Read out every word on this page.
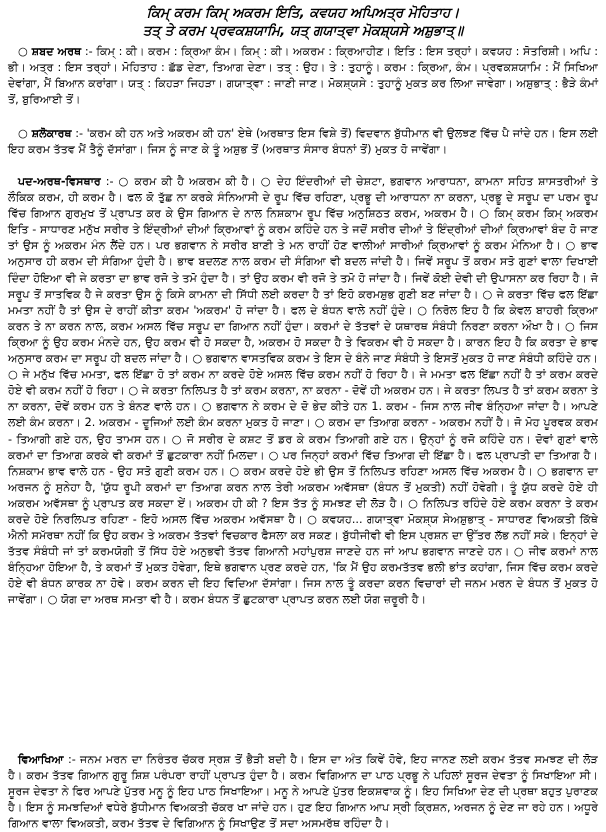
ਕਿਮ੍ ਕਰਮ ਕਿਮ੍ ਅਕਰਮ ਇਤਿ, ਕਵਯਹ ਅਪਿਅਤ੍ਰ ਮੋਹਿਤਾਹ।
ਤਤ੍ ਤੇ ਕਰਮ ਪ੍ਰਵਕਸ਼ਯਾਮਿ, ਯਤ੍ ਗਯਾਤ੍ਵਾ ਮੋਕਸ਼੍ਯਸੇ ਅਸ਼ੁਭਾਤ੍॥
○ ਸ਼ਬਦ ਅਰਥ :- ਕਿਮ੍ : ਕੀ। ਕਰਮ : ਕ੍ਰਿਆ ਕੰਮ। ਕਿਮ੍ : ਕੀ। ਅਕਰਮ : ਕ੍ਰਿਆਹੀਣ। ਇਤਿ : ਇਸ ਤਰ੍ਹਾਂ। ਕਵਯਹ : ਸੋਤਰਿਸ਼ੀ। ਅਪਿ : ਭੀ। ਅਤ੍ਰ : ਇਸ ਤਰ੍ਹਾਂ। ਮੋਹਿਤਾਹ : ਛੱਡ ਦੇਣਾ, ਤਿਆਗ ਦੇਣਾ। ਤਤ੍ : ਉਹ। ਤੇ : ਤੁਹਾਨੂੰ। ਕਰਮ : ਕ੍ਰਿਆ, ਕੰਮ। ਪ੍ਰਵਕਸ਼ਯਾਮਿ : ਮੈਂ ਸਿਖਿਆ ਦੇਵਾਂਗਾ, ਮੈਂ ਬਿਆਨ ਕਰਾਂਗਾ। ਯਤ੍ : ਕਿਹੜਾ ਜਿਹੜਾ। ਗਯਾਤ੍ਵਾ : ਜਾਣੀ ਜਾਣ। ਮੋਕਸ਼੍ਯਸੇ : ਤੁਹਾਨੂੰ ਮੁਕਤ ਕਰ ਲਿਆ ਜਾਵੇਗਾ। ਅਸ਼ੁਭਾਤ੍ : ਭੈੜੇ ਕੰਮਾਂ ਤੋਂ, ਬੁਰਿਆਈ ਤੋਂ।
○ ਸ਼ਲੋਕਾਰਥ :- 'ਕਰਮ ਕੀ ਹਨ ਅਤੇ ਅਕਰਮ ਕੀ ਹਨ' ਏਥੇ (ਅਰਥਾਤ ਇਸ ਵਿਸ਼ੇ ਤੋਂ) ਵਿਦਵਾਨ ਬੁੱਧੀਮਾਨ ਵੀ ਉਲਝਣ ਵਿੱਚ ਪੈ ਜਾਂਦੇ ਹਨ। ਇਸ ਲਈ ਇਹ ਕਰਮ ਤੱਤਵ ਮੈਂ ਤੈਨੂੰ ਦੱਸਾਂਗਾ। ਜਿਸ ਨੂੰ ਜਾਣ ਕੇ ਤੂੰ ਅਸ਼ੁਭ ਤੋਂ (ਅਰਥਾਤ ਸੰਸਾਰ ਬੰਧਨਾਂ ਤੋਂ) ਮੁਕਤ ਹੋ ਜਾਵੇਂਗਾ।
ਪਦ-ਅਰਥ-ਵਿਸਥਾਰ :- ○ ਕਰਮ ਕੀ ਹੈ ਅਕਰਮ ਕੀ ਹੈ। ○ ਦੇਹ ਇੰਦਰੀਆਂ ਦੀ ਚੇਸ਼ਟਾ, ਭਗਵਾਨ ਆਰਾਧਨਾ, ਕਾਮਨਾ ਸਹਿਤ ਸ਼ਾਸਤਰੀਆਂ ਤੇ ਲੌਕਿਕ ਕਰਮ, ਹੀ ਕਰਮ ਹੈ। ਫਲ ਕੋ ਤੁੱਛ ਨਾ ਕਰਕੇ ਸੰਨਿਆਸੀ ਦੇ ਰੂਪ ਵਿੱਚ ਰਹਿਣਾ, ਪ੍ਰਭੂ ਦੀ ਆਰਾਧਨਾ ਨਾ ਕਰਨਾ, ਪ੍ਰਭੂ ਦੇ ਸਰੂਪ ਦਾ ਪਰਮ ਰੂਪ ਵਿੱਚ ਗਿਆਨ ਗੁਰਮੁਖ ਤੋਂ ਪ੍ਰਾਪਤ ਕਰ ਕੇ ਉਸ ਗਿਆਨ ਦੇ ਨਾਲ ਨਿਸ਼ਕਾਮ ਰੂਪ ਵਿੱਚ ਅਨੁਸ਼ਿਠਤ ਕਰਮ, ਅਕਰਮ ਹੈ। ○ ਕਿਮ੍ ਕਰਮ ਕਿਮ੍ ਅਕਰਮ ਇਤਿ - ਸਾਧਾਰਣ ਮਨੁੱਖ ਸਰੀਰ ਤੇ ਇੰਦ੍ਰੀਆਂ ਦੀਆਂ ਕ੍ਰਿਆਵਾਂ ਨੂੰ ਕਰਮ ਕਹਿੰਦੇ ਹਨ ਤੇ ਜਦੋਂ ਸਰੀਰ ਦੀਆਂ ਤੇ ਇੰਦ੍ਰੀਆਂ ਦੀਆਂ ਕ੍ਰਿਆਵਾਂ ਬੰਦ ਹੋ ਜਾਣ ਤਾਂ ਉਸ ਨੂੰ ਅਕਰਮ ਮੰਨ ਲੈਂਦੇ ਹਨ। ਪਰ ਭਗਵਾਨ ਨੇ ਸਰੀਰ ਬਾਣੀ ਤੇ ਮਨ ਰਾਹੀਂ ਹੋਣ ਵਾਲੀਆਂ ਸਾਰੀਆਂ ਕ੍ਰਿਆਵਾਂ ਨੂੰ ਕਰਮ ਮੰਨਿਆ ਹੈ। ○ ਭਾਵ ਅਨੁਸਾਰ ਹੀ ਕਰਮ ਦੀ ਸੰਗਿਆ ਹੁੰਦੀ ਹੈ। ਭਾਵ ਬਦਲਣ ਨਾਲ ਕਰਮ ਦੀ ਸੰਗਿਆ ਵੀ ਬਦਲ ਜਾਂਦੀ ਹੈ। ਜਿਵੇਂ ਸਰੂਪ ਤੋਂ ਕਰਮ ਸਤੋ ਗੁਣਾਂ ਵਾਲਾ ਦਿਖਾਈ ਦਿੰਦਾ ਹੋਇਆ ਵੀ ਜੇ ਕਰਤਾ ਦਾ ਭਾਵ ਰਜੋ ਤੇ ਤਮੋ ਹੁੰਦਾ ਹੈ। ਤਾਂ ਉਹ ਕਰਮ ਵੀ ਰਜੋ ਤੇ ਤਮੋ ਹੋ ਜਾਂਦਾ ਹੈ। ਜਿਵੇਂ ਕੋਈ ਦੇਵੀ ਦੀ ਉਪਾਸਨਾ ਕਰ ਰਿਹਾ ਹੈ। ਜੋ ਸਰੂਪ ਤੋਂ ਸਾਤਵਿਕ ਹੈ ਜੇ ਕਰਤਾ ਉਸ ਨੂੰ ਕਿਸੇ ਕਾਮਨਾ ਦੀ ਸਿੱਧੀ ਲਈ ਕਰਦਾ ਹੈ ਤਾਂ ਇਹੋ ਕਰਮਸ਼ੁਭ ਗੁਣੀ ਬਣ ਜਾਂਦਾ ਹੈ। ○ ਜੇ ਕਰਤਾ ਵਿੱਚ ਫਲ ਇੱਛਾ ਮਮਤਾ ਨਹੀਂ ਹੈ ਤਾਂ ਉਸ ਦੇ ਰਾਹੀਂ ਕੀਤਾ ਕਰਮ 'ਅਕਰਮ' ਹੋ ਜਾਂਦਾ ਹੈ। ਫਲ ਦੇ ਬੰਧਨ ਵਾਲੇ ਨਹੀਂ ਹੁੰਦੇ। ○ ਨਿਰੋਲ ਇਹ ਹੈ ਕਿ ਕੇਵਲ ਬਾਹਰੀ ਕ੍ਰਿਆ ਕਰਨ ਤੇ ਨਾ ਕਰਨ ਨਾਲ, ਕਰਮ ਅਸਲ ਵਿੱਚ ਸਰੂਪ ਦਾ ਗਿਆਨ ਨਹੀਂ ਹੁੰਦਾ। ਕਰਮਾਂ ਦੇ ਤੱਤਵਾਂ ਦੇ ਯਥਾਰਥ ਸੰਬੰਧੀ ਨਿਰਣਾ ਕਰਨਾ ਔਖਾ ਹੈ। ○ ਜਿਸ ਕ੍ਰਿਆ ਨੂੰ ਉਹ ਕਰਮ ਮੰਨਦੇ ਹਨ, ਉਹ ਕਰਮ ਵੀ ਹੋ ਸਕਦਾ ਹੈ, ਅਕਰਮ ਹੋ ਸਕਦਾ ਹੈ ਤੇ ਵਿਕਰਮ ਵੀ ਹੋ ਸਕਦਾ ਹੈ। ਕਾਰਨ ਇਹ ਹੈ ਕਿ ਕਰਤਾ ਦੇ ਭਾਵ ਅਨੁਸਾਰ ਕਰਮ ਦਾ ਸਰੂਪ ਹੀ ਬਦਲ ਜਾਂਦਾ ਹੈ। ○ ਭਗਵਾਨ ਵਾਸਤਵਿਕ ਕਰਮ ਤੇ ਇਸ ਦੇ ਬੰਨੇ ਜਾਣ ਸੰਬੰਧੀ ਤੇ ਇਸਤੋਂ ਮੁਕਤ ਹੋ ਜਾਣ ਸੰਬੰਧੀ ਕਹਿੰਦੇ ਹਨ। ○ ਜੇ ਮਨੁੱਖ ਵਿੱਚ ਮਮਤਾ, ਫਲ ਇੱਛਾ ਹੋ ਤਾਂ ਕਰਮ ਨਾ ਕਰਦੇ ਹੋਏ ਅਸਲ ਵਿੱਚ ਕਰਮ ਨਹੀਂ ਹੋ ਰਿਹਾ ਹੈ। ਜੇ ਮਮਤਾ ਫਲ ਇੱਛਾ ਨਹੀਂ ਹੈ ਤਾਂ ਕਰਮ ਕਰਦੇ ਹੋਏ ਵੀ ਕਰਮ ਨਹੀਂ ਹੋ ਰਿਹਾ। ○ ਜੇ ਕਰਤਾ ਨਿਲਿਪਤ ਹੈ ਤਾਂ ਕਰਮ ਕਰਨਾ, ਨਾ ਕਰਨਾ - ਦੋਵੇਂ ਹੀ ਅਕਰਮ ਹਨ। ਜੇ ਕਰਤਾ ਲਿਪਤ ਹੈ ਤਾਂ ਕਰਮ ਕਰਨਾ ਤੇ ਨਾ ਕਰਨਾ, ਦੋਵੇਂ ਕਰਮ ਹਨ ਤੇ ਬੰਨਣ ਵਾਲੇ ਹਨ। ○ ਭਗਵਾਨ ਨੇ ਕਰਮ ਦੇ ਦੋ ਭੇਦ ਕੀਤੇ ਹਨ 1. ਕਰਮ - ਜਿਸ ਨਾਲ ਜੀਵ ਬੰਨ੍ਹਿਆ ਜਾਂਦਾ ਹੈ। ਆਪਣੇ ਲਈ ਕੰਮ ਕਰਨਾ। 2. ਅਕਰਮ - ਦੂਜਿਆਂ ਲਈ ਕੰਮ ਕਰਨਾ ਮੁਕਤ ਹੋ ਜਾਣਾ। ○ ਕਰਮ ਦਾ ਤਿਆਗ ਕਰਨਾ - ਅਕਰਮ ਨਹੀਂ ਹੈ। ਜੋ ਮੋਹ ਪੂਰਵਕ ਕਰਮ - ਤਿਆਗੀ ਗਏ ਹਨ, ਉਹ ਤਾਮਸ ਹਨ। ○ ਜੋ ਸਰੀਰ ਦੇ ਕਸ਼ਟ ਤੋਂ ਡਰ ਕੇ ਕਰਮ ਤਿਆਗੀ ਗਏ ਹਨ। ਉਨ੍ਹਾਂ ਨੂੰ ਰਜੋ ਕਹਿੰਦੇ ਹਨ। ਦੋਵਾਂ ਗੁਣਾਂ ਵਾਲੇ ਕਰਮਾਂ ਦਾ ਤਿਆਗ ਕਰਕੇ ਵੀ ਕਰਮਾਂ ਤੋਂ ਛੁਟਕਾਰਾ ਨਹੀਂ ਮਿਲਦਾ। ○ ਪਰ ਜਿਨ੍ਹਾਂ ਕਰਮਾਂ ਵਿੱਚ ਤਿਆਗ ਦੀ ਇੱਛਾ ਹੈ। ਫਲ ਪ੍ਰਾਪਤੀ ਦਾ ਤਿਆਗ ਹੈ। ਨਿਸ਼ਕਾਮ ਭਾਵ ਵਾਲੇ ਹਨ - ਉਹ ਸਤੋ ਗੁਣੀ ਕਰਮ ਹਨ। ○ ਕਰਮ ਕਰਦੇ ਹੋਏ ਭੀ ਉਸ ਤੋਂ ਨਿਲਿਪਤ ਰਹਿਣਾ ਅਸਲ ਵਿੱਚ ਅਕਰਮ ਹੈ। ○ ਭਗਵਾਨ ਦਾ ਅਰਜਨ ਨੂੰ ਸੁਨੇਹਾ ਹੈ, 'ਯੁੱਧ ਰੂਪੀ ਕਰਮਾਂ ਦਾ ਤਿਆਗ ਕਰਨ ਨਾਲ ਤੇਰੀ ਅਕਰਮ ਅਵੱਸਥਾ (ਬੰਧਨ ਤੋਂ ਮੁਕਤੀ) ਨਹੀਂ ਹੋਵੇਗੀ। ਤੂੰ ਯੁੱਧ ਕਰਦੇ ਹੋਏ ਹੀ ਅਕਰਮ ਅਵੱਸਥਾ ਨੂੰ ਪ੍ਰਾਪਤ ਕਰ ਸਕਦਾ ਏਂ। ਅਕਰਮ ਹੀ ਕੀ ? ਇਸ ਤੱਤ ਨੂੰ ਸਮਝਣ ਦੀ ਲੋੜ ਹੈ। ○ ਨਿਲਿਪਤ ਰਹਿੰਦੇ ਹੋਏ ਕਰਮ ਕਰਨਾ ਤੇ ਕਰਮ ਕਰਦੇ ਹੋਏ ਨਿਰਲਿਪਤ ਰਹਿਣਾ - ਇਹੋ ਅਸਲ ਵਿੱਚ ਅਕਰਮ ਅਵੱਸਥਾ ਹੈ। ○ ਕਵਯਹ... ਗਯਾਤ੍ਵਾ ਮੋਕਸ਼੍ਯ ਸੇਅਸ਼ੁਭਾਤ੍ - ਸਾਧਾਰਣ ਵਿਅਕਤੀ ਕਿੱਥੇ ਐਨੀ ਸਮੱਰਥਾ ਨਹੀਂ ਕਿ ਉਹ ਕਰਮ ਤੇ ਅਕਰਮ ਤੱਤਵਾਂ ਵਿਚਕਾਰ ਫੈਸਲਾ ਕਰ ਸਕਣ। ਬੁੱਧੀਜੀਵੀ ਵੀ ਇਸ ਪ੍ਰਸ਼ਨ ਦਾ ਉੱਤਰ ਲੱਭ ਨਹੀਂ ਸਕੇ। ਇਨ੍ਹਾਂ ਦੇ ਤੱਤਵ ਸੰਬੰਧੀ ਜਾਂ ਤਾਂ ਕਰਮਯੋਗੀ ਤੋਂ ਸਿੱਧ ਹੋਏ ਅਨੁਭਵੀ ਤੱਤਵ ਗਿਆਨੀ ਮਹਾਂਪੁਰਸ਼ ਜਾਣਦੇ ਹਨ ਜਾਂ ਆਪ ਭਗਵਾਨ ਜਾਣਦੇ ਹਨ। ○ ਜੀਵ ਕਰਮਾਂ ਨਾਲ ਬੰਨ੍ਹਿਆ ਹੋਇਆ ਹੈ, ਤੇ ਕਰਮਾਂ ਤੋਂ ਮੁਕਤ ਹੋਵੇਗਾ, ਇਥੇ ਭਗਵਾਨ ਪ੍ਰਣ ਕਰਦੇ ਹਨ, 'ਕਿ ਮੈਂ ਉਹ ਕਰਮਤੱਤਵ ਭਲੀ ਭਾਂਤ ਕਹਾਂਗਾ, ਜਿਸ ਵਿੱਚ ਕਰਮ ਕਰਦੇ ਹੋਏ ਵੀ ਬੰਧਨ ਕਾਰਕ ਨਾ ਹੋਵੇ। ਕਰਮ ਕਰਨ ਦੀ ਇਹ ਵਿਦਿਆ ਦੱਸਾਂਗਾ। ਜਿਸ ਨਾਲ ਤੂੰ ਕਰਦਾ ਕਰਨ ਵਿਚਾਰਾਂ ਦੀ ਜਨਮ ਮਰਨ ਦੇ ਬੰਧਨ ਤੋਂ ਮੁਕਤ ਹੋ ਜਾਵੇਂਗਾ। ○ ਯੋਗ ਦਾ ਅਰਥ ਸਮਤਾ ਵੀ ਹੈ। ਕਰਮ ਬੰਧਨ ਤੋਂ ਛੁਟਕਾਰਾ ਪ੍ਰਾਪਤ ਕਰਨ ਲਈ ਯੋਗ ਜ਼ਰੂਰੀ ਹੈ।
ਵਿਆਖਿਆ :- ਜਨਮ ਮਰਨ ਦਾ ਨਿਰੰਤਰ ਚੱਕਰ ਸ੍ਰਸ਼ ਤੋਂ ਭੈੜੀ ਬਦੀ ਹੈ। ਇਸ ਦਾ ਅੰਤ ਕਿਵੇਂ ਹੋਵੇ, ਇਹ ਜਾਨਣ ਲਈ ਕਰਮ ਤੱਤਵ ਸਮਝਣ ਦੀ ਲੋੜ ਹੈ। ਕਰਮ ਤੱਤਵ ਗਿਆਨ ਗੁਰੂ ਸ਼ਿਸ਼ ਪਰੰਪਰਾ ਰਾਹੀਂ ਪ੍ਰਾਪਤ ਹੁੰਦਾ ਹੈ। ਕਰਮ ਵਿਗਿਆਨ ਦਾ ਪਾਠ ਪ੍ਰਭੂ ਨੇ ਪਹਿਲਾਂ ਸੂਰਜ ਦੇਵਤਾ ਨੂੰ ਸਿਖਾਇਆ ਸੀ। ਸੂਰਜ ਦੇਵਤਾ ਨੇ ਫਿਰ ਆਪਣੇ ਪੁੱਤਰ ਮਨੂ ਨੂੰ ਇਹ ਪਾਠ ਸਿਖਾਇਆ। ਮਨੂ ਨੇ ਆਪਣੇ ਪੁੱਤਰ ਇਕਸ਼ਵਾਕ ਨੂੰ। ਇਹ ਸਿਖਿਆ ਦੇਣ ਦੀ ਪ੍ਰਥਾ ਬਹੁਤ ਪੁਰਾਣਕ ਹੈ। ਇਸ ਨੂੰ ਸਮਝਦਿਆਂ ਵਧੇਰੇ ਬੁੱਧੀਮਾਨ ਵਿਅਕਤੀ ਚੱਕਰ ਖਾ ਜਾਂਦੇ ਹਨ। ਹੁਣ ਇਹ ਗਿਆਨ ਆਪ ਸ੍ਰੀ ਕ੍ਰਿਸ਼ਨ, ਅਰਜਨ ਨੂੰ ਦੇਣ ਜਾ ਰਹੇ ਹਨ। ਅਧੂਰੇ ਗਿਆਨ ਵਾਲਾ ਵਿਅਕਤੀ, ਕਰਮ ਤੱਤਵ ਦੇ ਵਿਗਿਆਨ ਨੂੰ ਸਿਖਾਉਣ ਤੋਂ ਸਦਾ ਅਸਮਰੱਥ ਰਹਿੰਦਾ ਹੈ।
